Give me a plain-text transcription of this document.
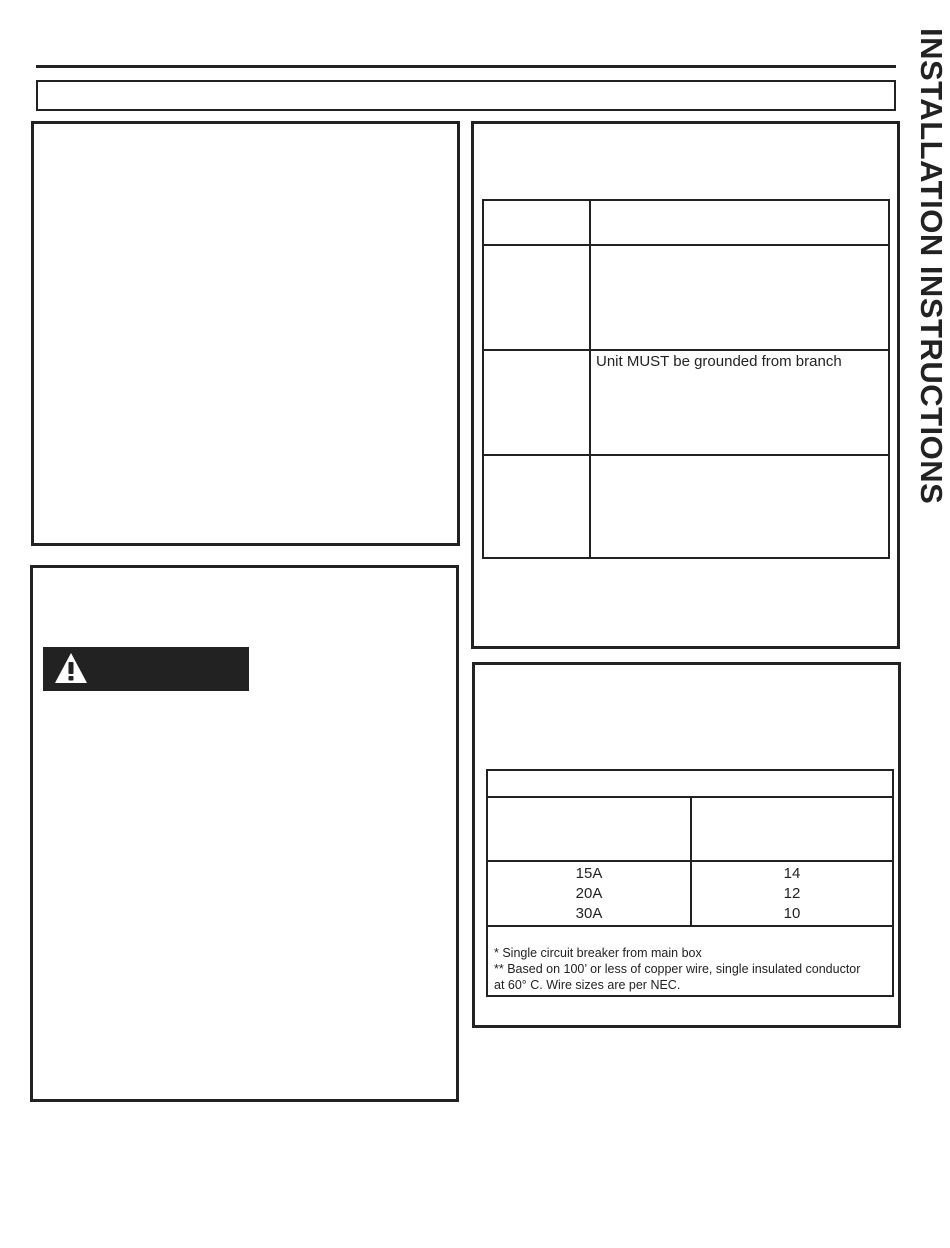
INSTALLATION INSTRUCTIONS
Unit MUST be grounded from branch
15A
20A
30A
14
12
10
* Single circuit breaker from main box
** Based on 100’ or less of copper wire, single insulated conductor
at 60° C. Wire sizes are per NEC.
